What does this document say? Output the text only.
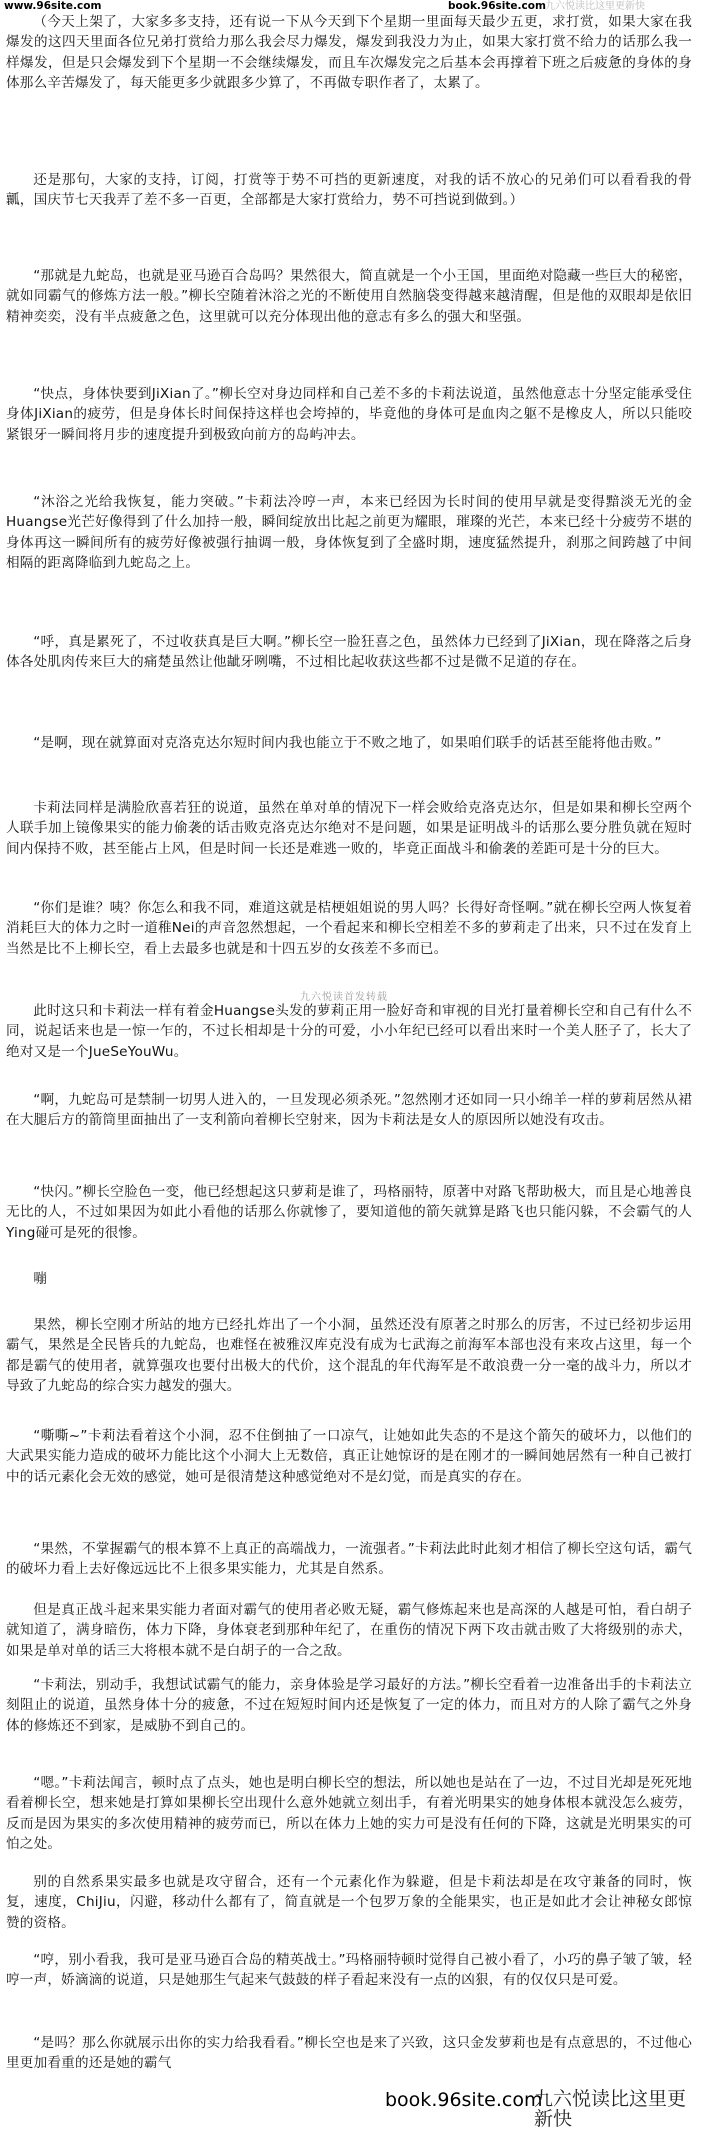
www.96site.com	book.96site.com 九六悦读比这里更新快

（今天上架了，大家多多支持，还有说一下从今天到下个星期一里面每天最少五更，求打赏，如果大家在我爆发的这四天里面各位兄弟打赏给力那么我会尽力爆发，爆发到我没力为止，如果大家打赏不给力的话那么我一样爆发，但是只会爆发到下个星期一不会继续爆发，而且车次爆发完之后基本会再撑着下班之后疲惫的身体的身体那么辛苦爆发了，每天能更多少就跟多少算了，不再做专职作者了，太累了。

还是那句，大家的支持，订阅，打赏等于势不可挡的更新速度，对我的话不放心的兄弟们可以看看我的骨瓤，国庆节七天我弄了差不多一百更，全部都是大家打赏给力，势不可挡说到做到。）

“那就是九蛇岛，也就是亚马逊百合岛吗？果然很大，简直就是一个小王国，里面绝对隐藏一些巨大的秘密，就如同霸气的修炼方法一般。”柳长空随着沐浴之光的不断使用自然脑袋变得越来越清醒，但是他的双眼却是依旧精神奕奕，没有半点疲惫之色，这里就可以充分体现出他的意志有多么的强大和坚强。

“快点，身体快要到JiXian了。”柳长空对身边同样和自己差不多的卡莉法说道，虽然他意志十分坚定能承受住身体JiXian的疲劳，但是身体长时间保持这样也会垮掉的，毕竟他的身体可是血肉之躯不是橡皮人，所以只能咬紧银牙一瞬间将月步的速度提升到极致向前方的岛屿冲去。

“沐浴之光给我恢复，能力突破。”卡莉法冷哼一声，本来已经因为长时间的使用早就是变得黯淡无光的金Huangse光芒好像得到了什么加持一般，瞬间绽放出比起之前更为耀眼，璀璨的光芒，本来已经十分疲劳不堪的身体再这一瞬间所有的疲劳好像被强行抽调一般，身体恢复到了全盛时期，速度猛然提升，刹那之间跨越了中间相隔的距离降临到九蛇岛之上。

“呼，真是累死了，不过收获真是巨大啊。”柳长空一脸狂喜之色，虽然体力已经到了JiXian，现在降落之后身体各处肌肉传来巨大的痛楚虽然让他龇牙咧嘴，不过相比起收获这些都不过是微不足道的存在。

“是啊，现在就算面对克洛克达尔短时间内我也能立于不败之地了，如果咱们联手的话甚至能将他击败。”

卡莉法同样是满脸欣喜若狂的说道，虽然在单对单的情况下一样会败给克洛克达尔，但是如果和柳长空两个人联手加上镜像果实的能力偷袭的话击败克洛克达尔绝对不是问题，如果是证明战斗的话那么要分胜负就在短时间内保持不败，甚至能占上风，但是时间一长还是难逃一败的，毕竟正面战斗和偷袭的差距可是十分的巨大。

“你们是谁？咦？你怎么和我不同，难道这就是桔梗姐姐说的男人吗？长得好奇怪啊。”就在柳长空两人恢复着消耗巨大的体力之时一道稚Nei的声音忽然想起，一个看起来和柳长空相差不多的萝莉走了出来，只不过在发育上当然是比不上柳长空，看上去最多也就是和十四五岁的女孩差不多而已。

此时这只和卡莉法一样有着金Huangse头发的萝莉正用一脸好奇和审视的目光打量着柳长空和自己有什么不同，说起话来也是一惊一乍的，不过长相却是十分的可爱，小小年纪已经可以看出来时一个美人胚子了，长大了绝对又是一个JueSeYouWu。

“啊，九蛇岛可是禁制一切男人进入的，一旦发现必须杀死。”忽然刚才还如同一只小绵羊一样的萝莉居然从裙在大腿后方的箭筒里面抽出了一支利箭向着柳长空射来，因为卡莉法是女人的原因所以她没有攻击。

“快闪。”柳长空脸色一变，他已经想起这只萝莉是谁了，玛格丽特，原著中对路飞帮助极大，而且是心地善良无比的人，不过如果因为如此小看他的话那么你就惨了，要知道他的箭矢就算是路飞也只能闪躲，不会霸气的人Ying碰可是死的很惨。

嘣

果然，柳长空刚才所站的地方已经扎炸出了一个小洞，虽然还没有原著之时那么的厉害，不过已经初步运用霸气，果然是全民皆兵的九蛇岛，也难怪在被雅汉库克没有成为七武海之前海军本部也没有来攻占这里，每一个都是霸气的使用者，就算强攻也要付出极大的代价，这个混乱的年代海军是不敢浪费一分一毫的战斗力，所以才导致了九蛇岛的综合实力越发的强大。

“嘶嘶~”卡莉法看着这个小洞，忍不住倒抽了一口凉气，让她如此失态的不是这个箭矢的破坏力，以他们的大武果实能力造成的破坏力能比这个小洞大上无数倍，真正让她惊讶的是在刚才的一瞬间她居然有一种自己被打中的话元素化会无效的感觉，她可是很清楚这种感觉绝对不是幻觉，而是真实的存在。

“果然，不掌握霸气的根本算不上真正的高端战力，一流强者。”卡莉法此时此刻才相信了柳长空这句话，霸气的破坏力看上去好像远远比不上很多果实能力，尤其是自然系。

但是真正战斗起来果实能力者面对霸气的使用者必败无疑，霸气修炼起来也是高深的人越是可怕，看白胡子就知道了，满身暗伤，体力下降，身体衰老到那种年纪了，在重伤的情况下两下攻击就击败了大将级别的赤犬，如果是单对单的话三大将根本就不是白胡子的一合之敌。

“卡莉法，别动手，我想试试霸气的能力，亲身体验是学习最好的方法。”柳长空看着一边准备出手的卡莉法立刻阻止的说道，虽然身体十分的疲惫，不过在短短时间内还是恢复了一定的体力，而且对方的人除了霸气之外身体的修炼还不到家，是威胁不到自己的。

“嗯。”卡莉法闻言，顿时点了点头，她也是明白柳长空的想法，所以她也是站在了一边，不过目光却是死死地看着柳长空，想来她是打算如果柳长空出现什么意外她就立刻出手，有着光明果实的她身体根本就没怎么疲劳，反而是因为果实的多次使用精神的疲劳而已，所以在体力上她的实力可是没有任何的下降，这就是光明果实的可怕之处。

别的自然系果实最多也就是攻守留合，还有一个元素化作为躲避，但是卡莉法却是在攻守兼备的同时，恢复，速度，ChiJiu，闪避，移动什么都有了，简直就是一个包罗万象的全能果实，也正是如此才会让神秘女郎惊赞的资格。

“哼，别小看我，我可是亚马逊百合岛的精英战士。”玛格丽特顿时觉得自己被小看了，小巧的鼻子皱了皱，轻哼一声，娇滴滴的说道，只是她那生气起来气鼓鼓的样子看起来没有一点的凶狠，有的仅仅只是可爱。

“是吗？那么你就展示出你的实力给我看看。”柳长空也是来了兴致，这只金发萝莉也是有点意思的，不过他心里更加看重的还是她的霸气

九六悦读首发转载
book.96site.com
九六悦读比这里更新快
